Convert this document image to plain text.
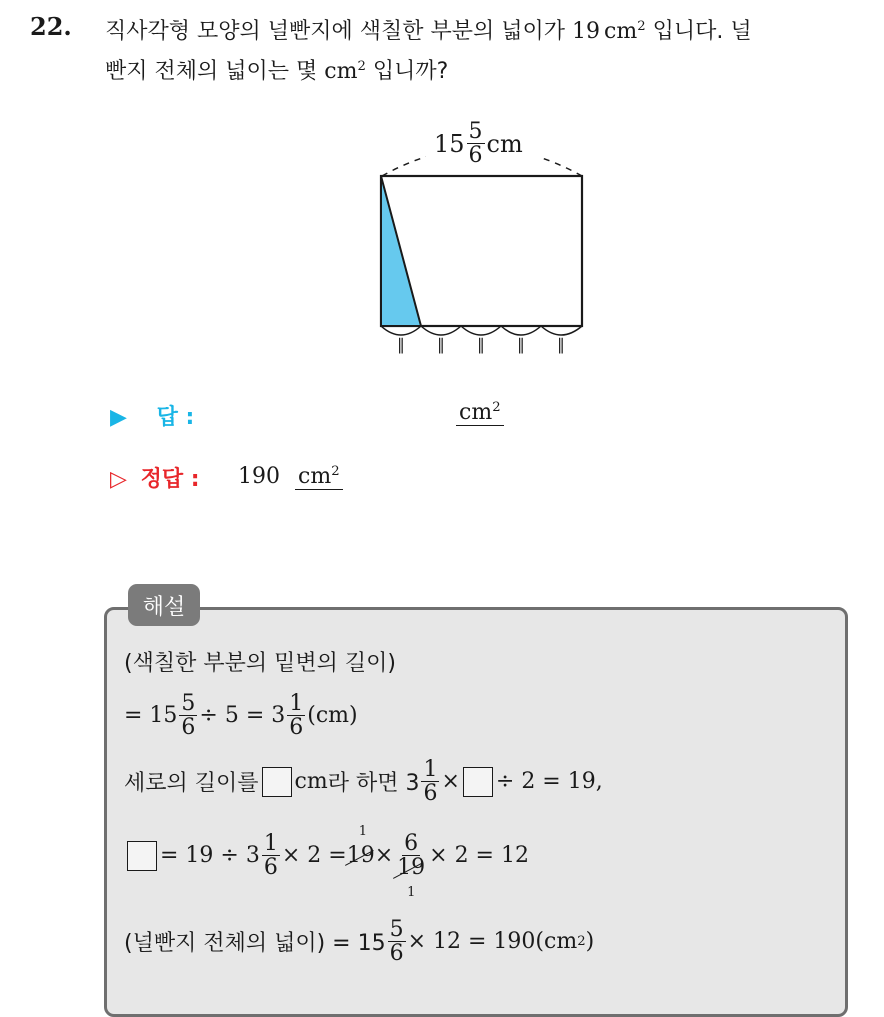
22. 직사각형 모양의 널빤지에 색칠한 부분의 넓이가 19 $cm^2$ 입니다. 널
빤지 전체의 넓이는 몇 $cm^2$ 입니까?
∥ ∥ ∥ ∥ ∥
$15 \frac{5}{6}$ cm
▶ 답 :	$cm^2$
▷ 정답 : 190 $cm^2$
해설
(색칠한 부분의 밑변의 길이)
= $15 \frac{5}{6} \div 5 = 3 \frac{1}{6} (cm)$
세로의 길이를 cm 라 하면 $3 \frac{1}{6}$ × ÷ 2 = 19,
= $19 \div 3 \frac{1}{6} \times 2$ =
1
19 × 6
19
1 × 2 = 12
(널빤지 전체의 넓이) = $15 \frac{5}{6} \times 12 = 190$( cm 2 )
